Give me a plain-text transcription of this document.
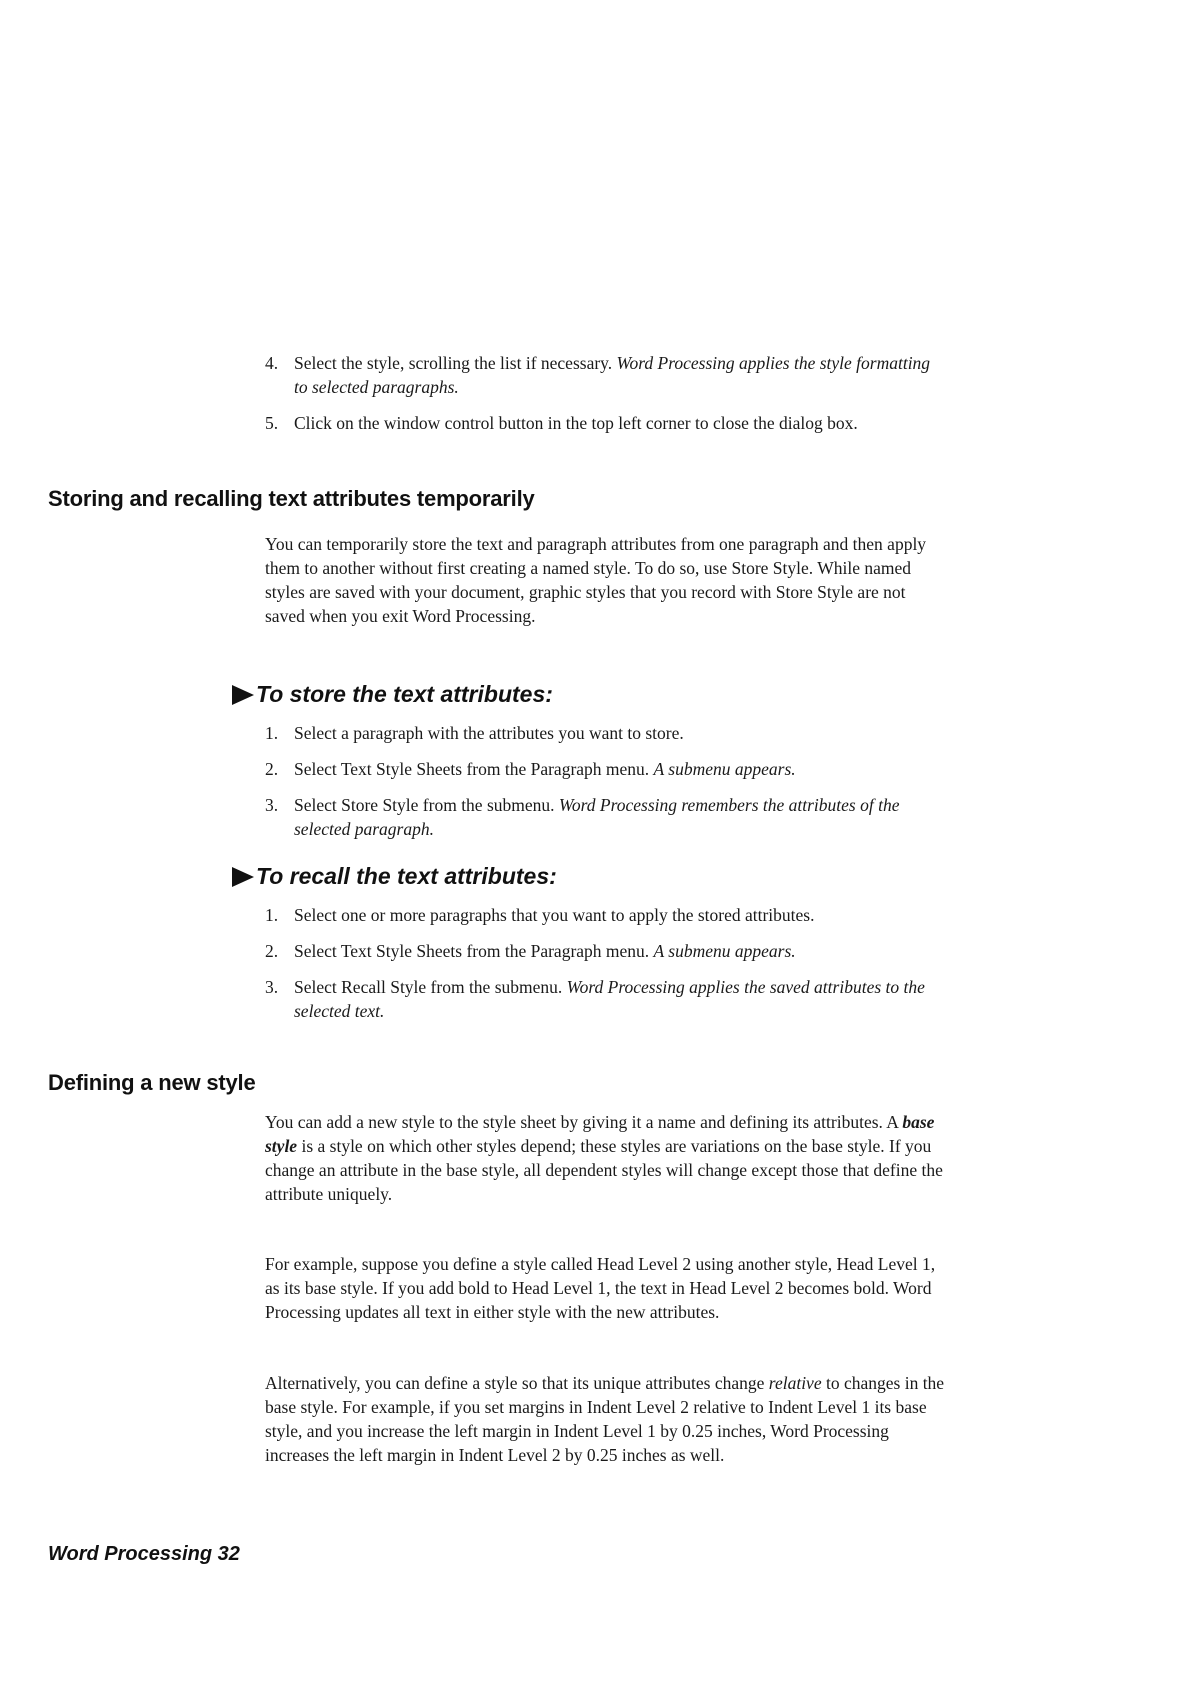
4. Select the style, scrolling the list if necessary. Word Processing applies the style formatting to selected paragraphs.
5. Click on the window control button in the top left corner to close the dialog box.
Storing and recalling text attributes temporarily

You can temporarily store the text and paragraph attributes from one paragraph and then apply them to another without first creating a named style. To do so, use Store Style. While named styles are saved with your document, graphic styles that you record with Store Style are not saved when you exit Word Processing.

To store the text attributes:
1. Select a paragraph with the attributes you want to store.
2. Select Text Style Sheets from the Paragraph menu. A submenu appears.
3. Select Store Style from the submenu. Word Processing remembers the attributes of the selected paragraph.
To recall the text attributes:
1. Select one or more paragraphs that you want to apply the stored attributes.
2. Select Text Style Sheets from the Paragraph menu. A submenu appears.
3. Select Recall Style from the submenu. Word Processing applies the saved attributes to the selected text.
Defining a new style

You can add a new style to the style sheet by giving it a name and defining its attributes. A base style is a style on which other styles depend; these styles are variations on the base style. If you change an attribute in the base style, all dependent styles will change except those that define the attribute uniquely.

For example, suppose you define a style called Head Level 2 using another style, Head Level 1, as its base style. If you add bold to Head Level 1, the text in Head Level 2 becomes bold. Word Processing updates all text in either style with the new attributes.

Alternatively, you can define a style so that its unique attributes change relative to changes in the base style. For example, if you set margins in Indent Level 2 relative to Indent Level 1 its base style, and you increase the left margin in Indent Level 1 by 0.25 inches, Word Processing increases the left margin in Indent Level 2 by 0.25 inches as well.

Word Processing 32
